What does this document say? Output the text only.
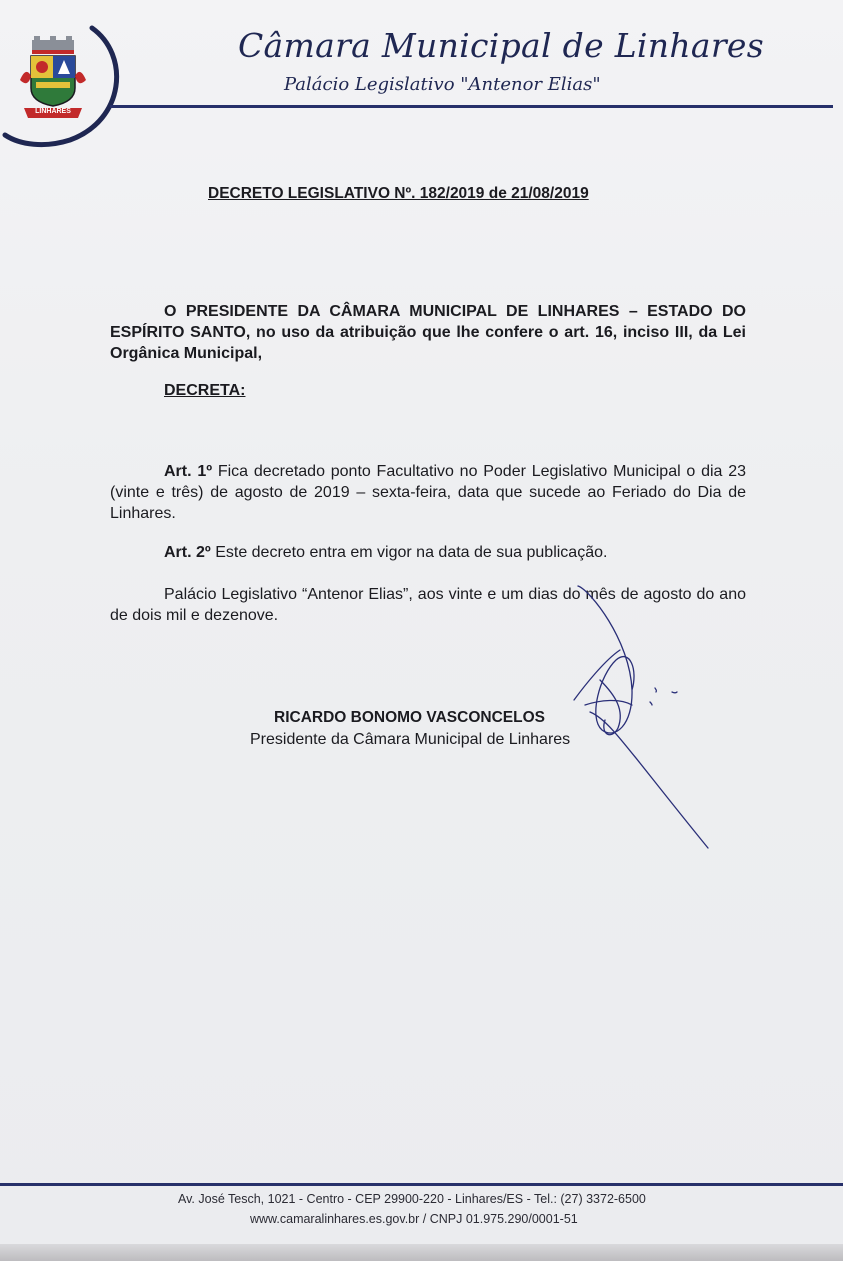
LINHARES
Câmara Municipal de Linhares
Palácio Legislativo "Antenor Elias"
DECRETO LEGISLATIVO Nº. 182/2019 de 21/08/2019
O PRESIDENTE DA CÂMARA MUNICIPAL DE LINHARES – ESTADO DO ESPÍRITO SANTO, no uso da atribuição que lhe confere o art. 16, inciso III, da Lei Orgânica Municipal,
DECRETA:
Art. 1º Fica decretado ponto Facultativo no Poder Legislativo Municipal o dia 23 (vinte e três) de agosto de 2019 – sexta-feira, data que sucede ao Feriado do Dia de Linhares.
Art. 2º Este decreto entra em vigor na data de sua publicação.
Palácio Legislativo “Antenor Elias”, aos vinte e um dias do mês de agosto do ano de dois mil e dezenove.
RICARDO BONOMO VASCONCELOS
Presidente da Câmara Municipal de Linhares
Av. José Tesch, 1021 - Centro - CEP 29900-220 - Linhares/ES - Tel.: (27) 3372-6500
www.camaralinhares.es.gov.br / CNPJ 01.975.290/0001-51
